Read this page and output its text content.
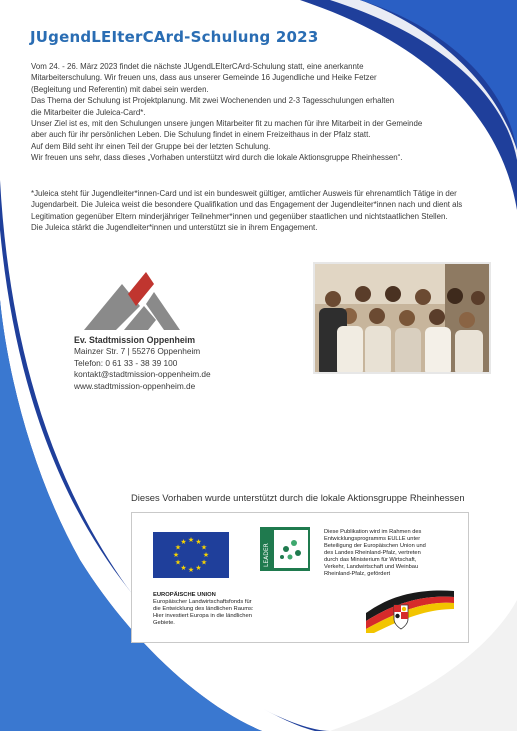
JUgendLEIterCArd-Schulung 2023

Vom 24. - 26. März 2023 findet die nächste JUgendLEIterCArd-Schulung statt, eine anerkannte

Mitarbeiterschulung. Wir freuen uns, dass aus unserer Gemeinde 16 Jugendliche und Heike Fetzer

(Begleitung und Referentin) mit dabei sein werden.

Das Thema der Schulung ist Projektplanung. Mit zwei Wochenenden und 2-3 Tagesschulungen erhalten

die Mitarbeiter die Juleica-Card*.

Unser Ziel ist es, mit den Schulungen unsere jungen Mitarbeiter fit zu machen für ihre Mitarbeit in der Gemeinde

aber auch für ihr persönlichen Leben. Die Schulung findet in einem Freizeithaus in der Pfalz statt.

Auf dem Bild seht ihr einen Teil der Gruppe bei der letzten Schulung.

Wir freuen uns sehr, dass dieses „Vorhaben unterstützt wird durch die lokale Aktionsgruppe Rheinhessen“.

*Juleica steht für Jugendleiter*innen-Card und ist ein bundesweit gültiger, amtlicher Ausweis für ehrenamtlich Tätige in der

Jugendarbeit. Die Juleica weist die besondere Qualifikation und das Engagement der Jugendleiter*innen nach und dient als

Legitimation gegenüber Eltern minderjähriger Teilnehmer*innen und gegenüber staatlichen und nichtstaatlichen Stellen.

Die Juleica stärkt die Jugendleiter*innen und unterstützt sie in ihrem Engagement.

Ev. Stadtmission Oppenheim
Mainzer Str. 7 | 55276 Oppenheim
Telefon: 0 61 33 - 38 39 100
kontakt@stadtmission-oppenheim.de
www.stadtmission-oppenheim.de
Dieses Vorhaben wurde unterstützt durch die lokale Aktionsgruppe Rheinhessen
★ ★
★
★
★
★
★
★
★
★
★
★
LEADER
EUROPÄISCHE UNION
Europäischer Landwirtschaftsfonds für
die Entwicklung des ländlichen Raums:
Hier investiert Europa in die ländlichen
Gebiete.
Diese Publikation wird im Rahmen des
Entwicklungsprogramms EULLE unter
Beteiligung der Europäischen Union und
des Landes Rheinland-Pfalz, vertreten
durch das Ministerium für Wirtschaft,
Verkehr, Landwirtschaft und Weinbau
Rheinland-Pfalz, gefördert
